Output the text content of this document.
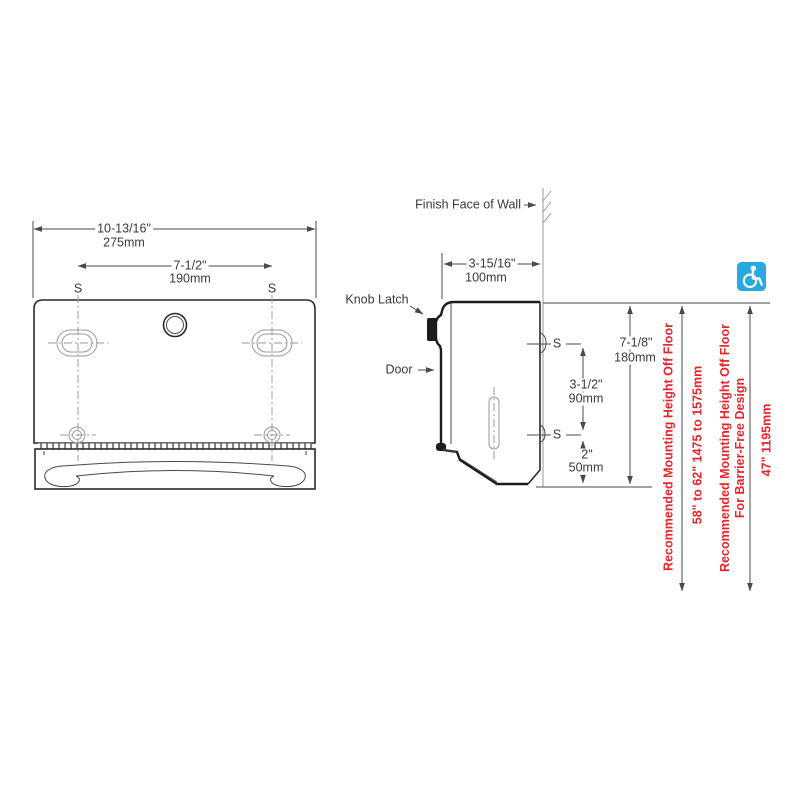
10-13/16"
275mm
7-1/2"
190mm
S	S
Finish Face of Wall
Knob Latch
Door
3-15/16"
100mm
S
S
7-1/8"
180mm
3-1/2"
90mm
2"
50mm	Recommended Mounting Height Off Floor 58" to 62" 1475 to 1575mm Recommended Mounting Height Off Floor For Barrier-Free Design 47" 1195mm
